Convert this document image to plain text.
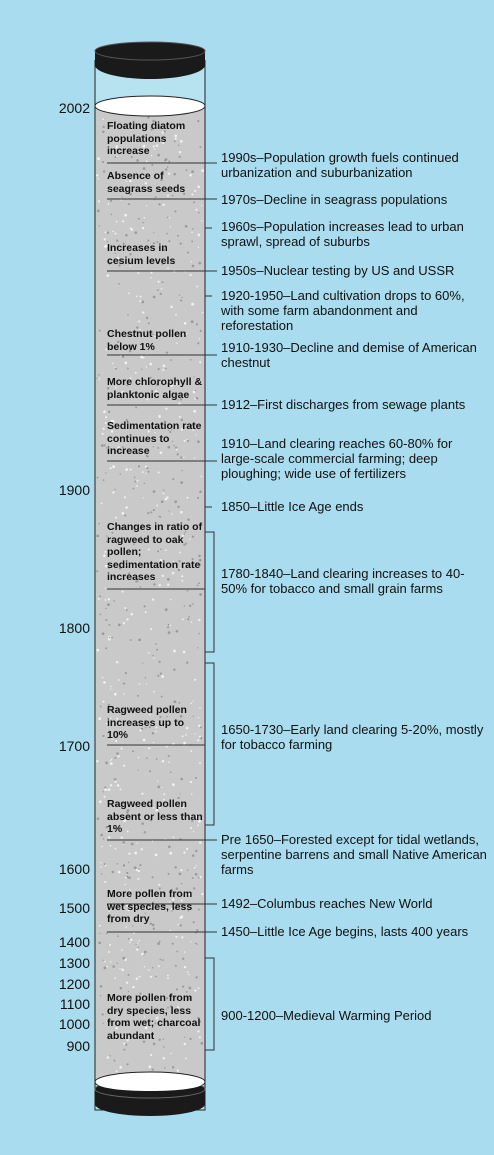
2002
1900
1800
1700
1600
1500
1400
1300
1200
1100
1000
900
Floating diatom populations increase
Absence of seagrass seeds
Increases in cesium levels
Chestnut pollen below 1%
More chlorophyll & planktonic algae
Sedimentation rate continues to increase
Changes in ratio of ragweed to oak pollen; sedimentation rate increases
Ragweed pollen increases up to 10%
Ragweed pollen absent or less than 1%
More pollen from wet species, less from dry
More pollen from dry species, less from wet; charcoal abundant
1990s–Population growth fuels continued urbanization and suburbanization
1970s–Decline in seagrass populations
1960s–Population increases lead to urban sprawl, spread of suburbs
1950s–Nuclear testing by US and USSR
1920-1950–Land cultivation drops to 60%, with some farm abandonment and reforestation
1910-1930–Decline and demise of American chestnut
1912–First discharges from sewage plants
1910–Land clearing reaches 60-80% for large-scale commercial farming; deep ploughing; wide use of fertilizers
1850–Little Ice Age ends
1780-1840–Land clearing increases to 40-50% for tobacco and small grain farms
1650-1730–Early land clearing 5-20%, mostly for tobacco farming
Pre 1650–Forested except for tidal wetlands, serpentine barrens and small Native American farms
1492–Columbus reaches New World
1450–Little Ice Age begins, lasts 400 years
900-1200–Medieval Warming Period
